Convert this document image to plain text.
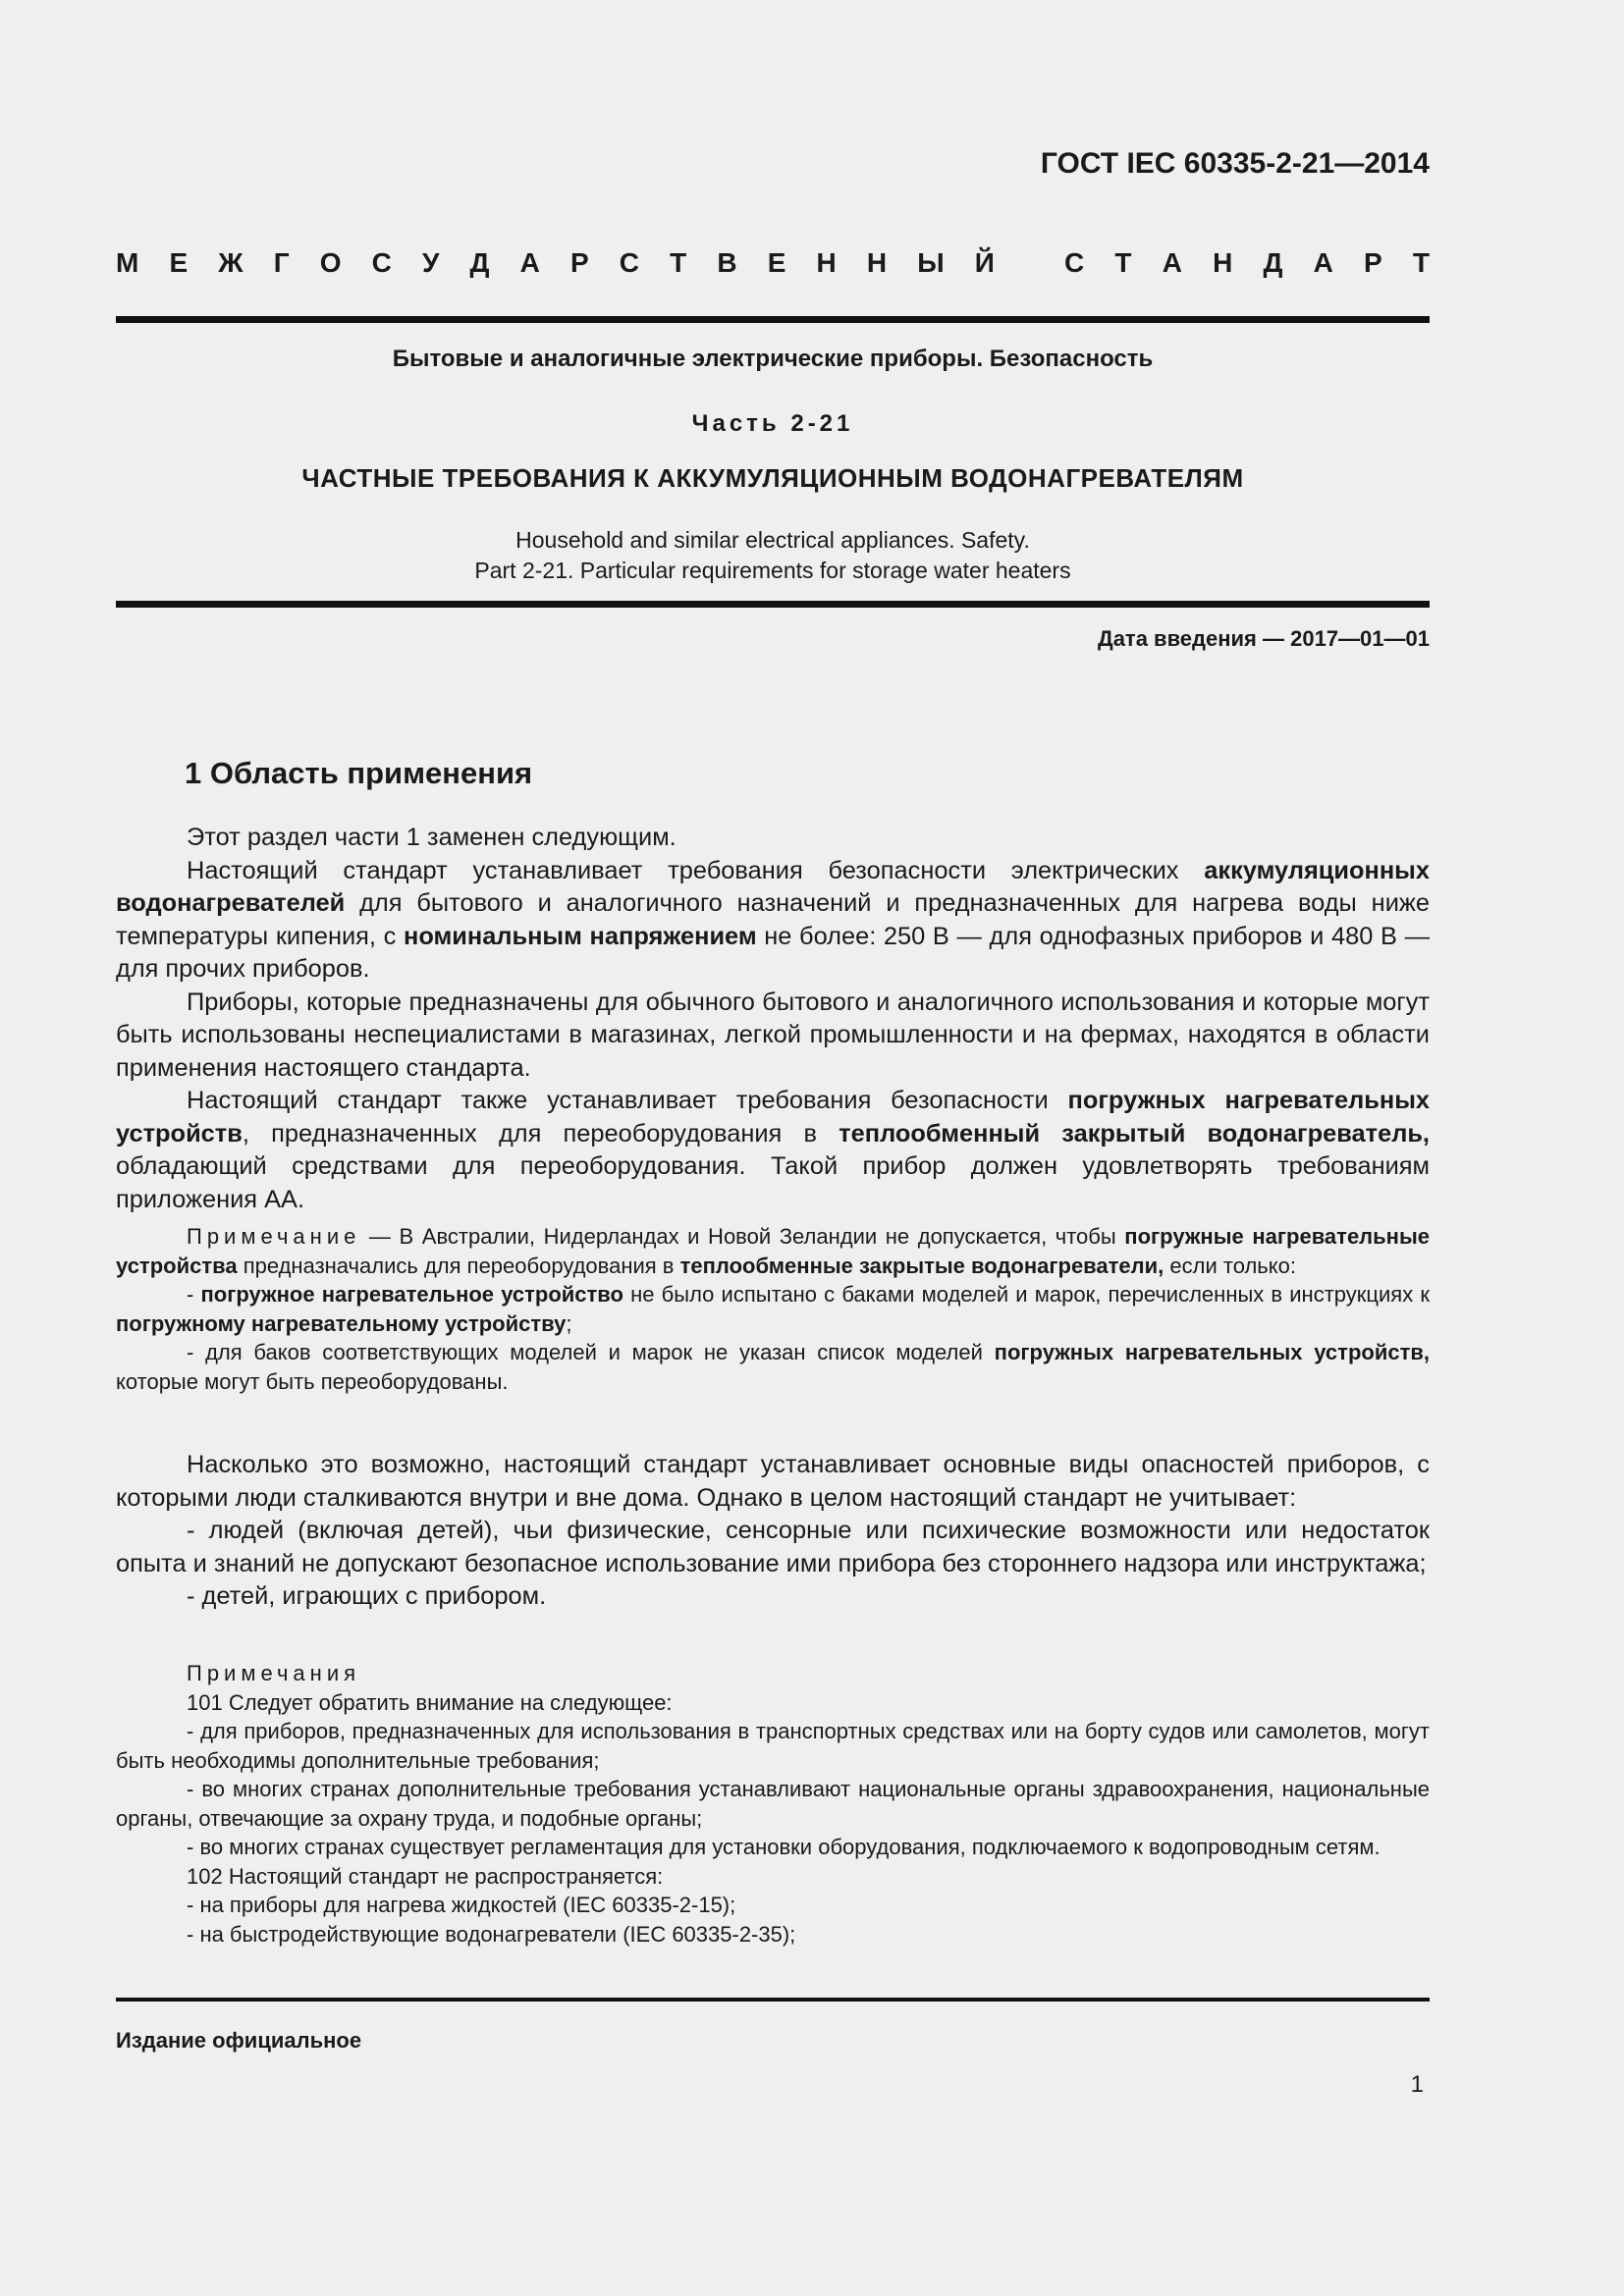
ГОСТ IEC 60335-2-21—2014
М Е Ж Г О С У Д А Р С Т В Е Н Н Ы Й	С Т А Н Д А Р Т
Бытовые и аналогичные электрические приборы. Безопасность
Часть 2-21
ЧАСТНЫЕ ТРЕБОВАНИЯ К АККУМУЛЯЦИОННЫМ ВОДОНАГРЕВАТЕЛЯМ
Household and similar electrical appliances. Safety.
Part 2-21. Particular requirements for storage water heaters
Дата введения — 2017—01—01
1 Область применения

Этот раздел части 1 заменен следующим.

Настоящий стандарт устанавливает требования безопасности электрических аккумуляционных водонагревателей для бытового и аналогичного назначений и предназначенных для нагрева воды ниже температуры кипения, с номинальным напряжением не более: 250 В — для однофазных приборов и 480 В — для прочих приборов.

Приборы, которые предназначены для обычного бытового и аналогичного использования и которые могут быть использованы неспециалистами в магазинах, легкой промышленности и на фермах, находятся в области применения настоящего стандарта.

Настоящий стандарт также устанавливает требования безопасности погружных нагревательных устройств, предназначенных для переоборудования в теплообменный закрытый водонагреватель, обладающий средствами для переоборудования. Такой прибор должен удовлетворять требованиям приложения АА.

Примечание — В Австралии, Нидерландах и Новой Зеландии не допускается, чтобы погружные нагревательные устройства предназначались для переоборудования в теплообменные закрытые водонагреватели, если только:

- погружное нагревательное устройство не было испытано с баками моделей и марок, перечисленных в инструкциях к погружному нагревательному устройству;

- для баков соответствующих моделей и марок не указан список моделей погружных нагревательных устройств, которые могут быть переоборудованы.

Насколько это возможно, настоящий стандарт устанавливает основные виды опасностей приборов, с которыми люди сталкиваются внутри и вне дома. Однако в целом настоящий стандарт не учитывает:

- людей (включая детей), чьи физические, сенсорные или психические возможности или недостаток опыта и знаний не допускают безопасное использование ими прибора без стороннего надзора или инструктажа;

- детей, играющих с прибором.

Примечания

101 Следует обратить внимание на следующее:

- для приборов, предназначенных для использования в транспортных средствах или на борту судов или самолетов, могут быть необходимы дополнительные требования;

- во многих странах дополнительные требования устанавливают национальные органы здравоохранения, национальные органы, отвечающие за охрану труда, и подобные органы;

- во многих странах существует регламентация для установки оборудования, подключаемого к водопроводным сетям.

102 Настоящий стандарт не распространяется:

- на приборы для нагрева жидкостей (IEC 60335-2-15);

- на быстродействующие водонагреватели (IEC 60335-2-35);

Издание официальное
1
